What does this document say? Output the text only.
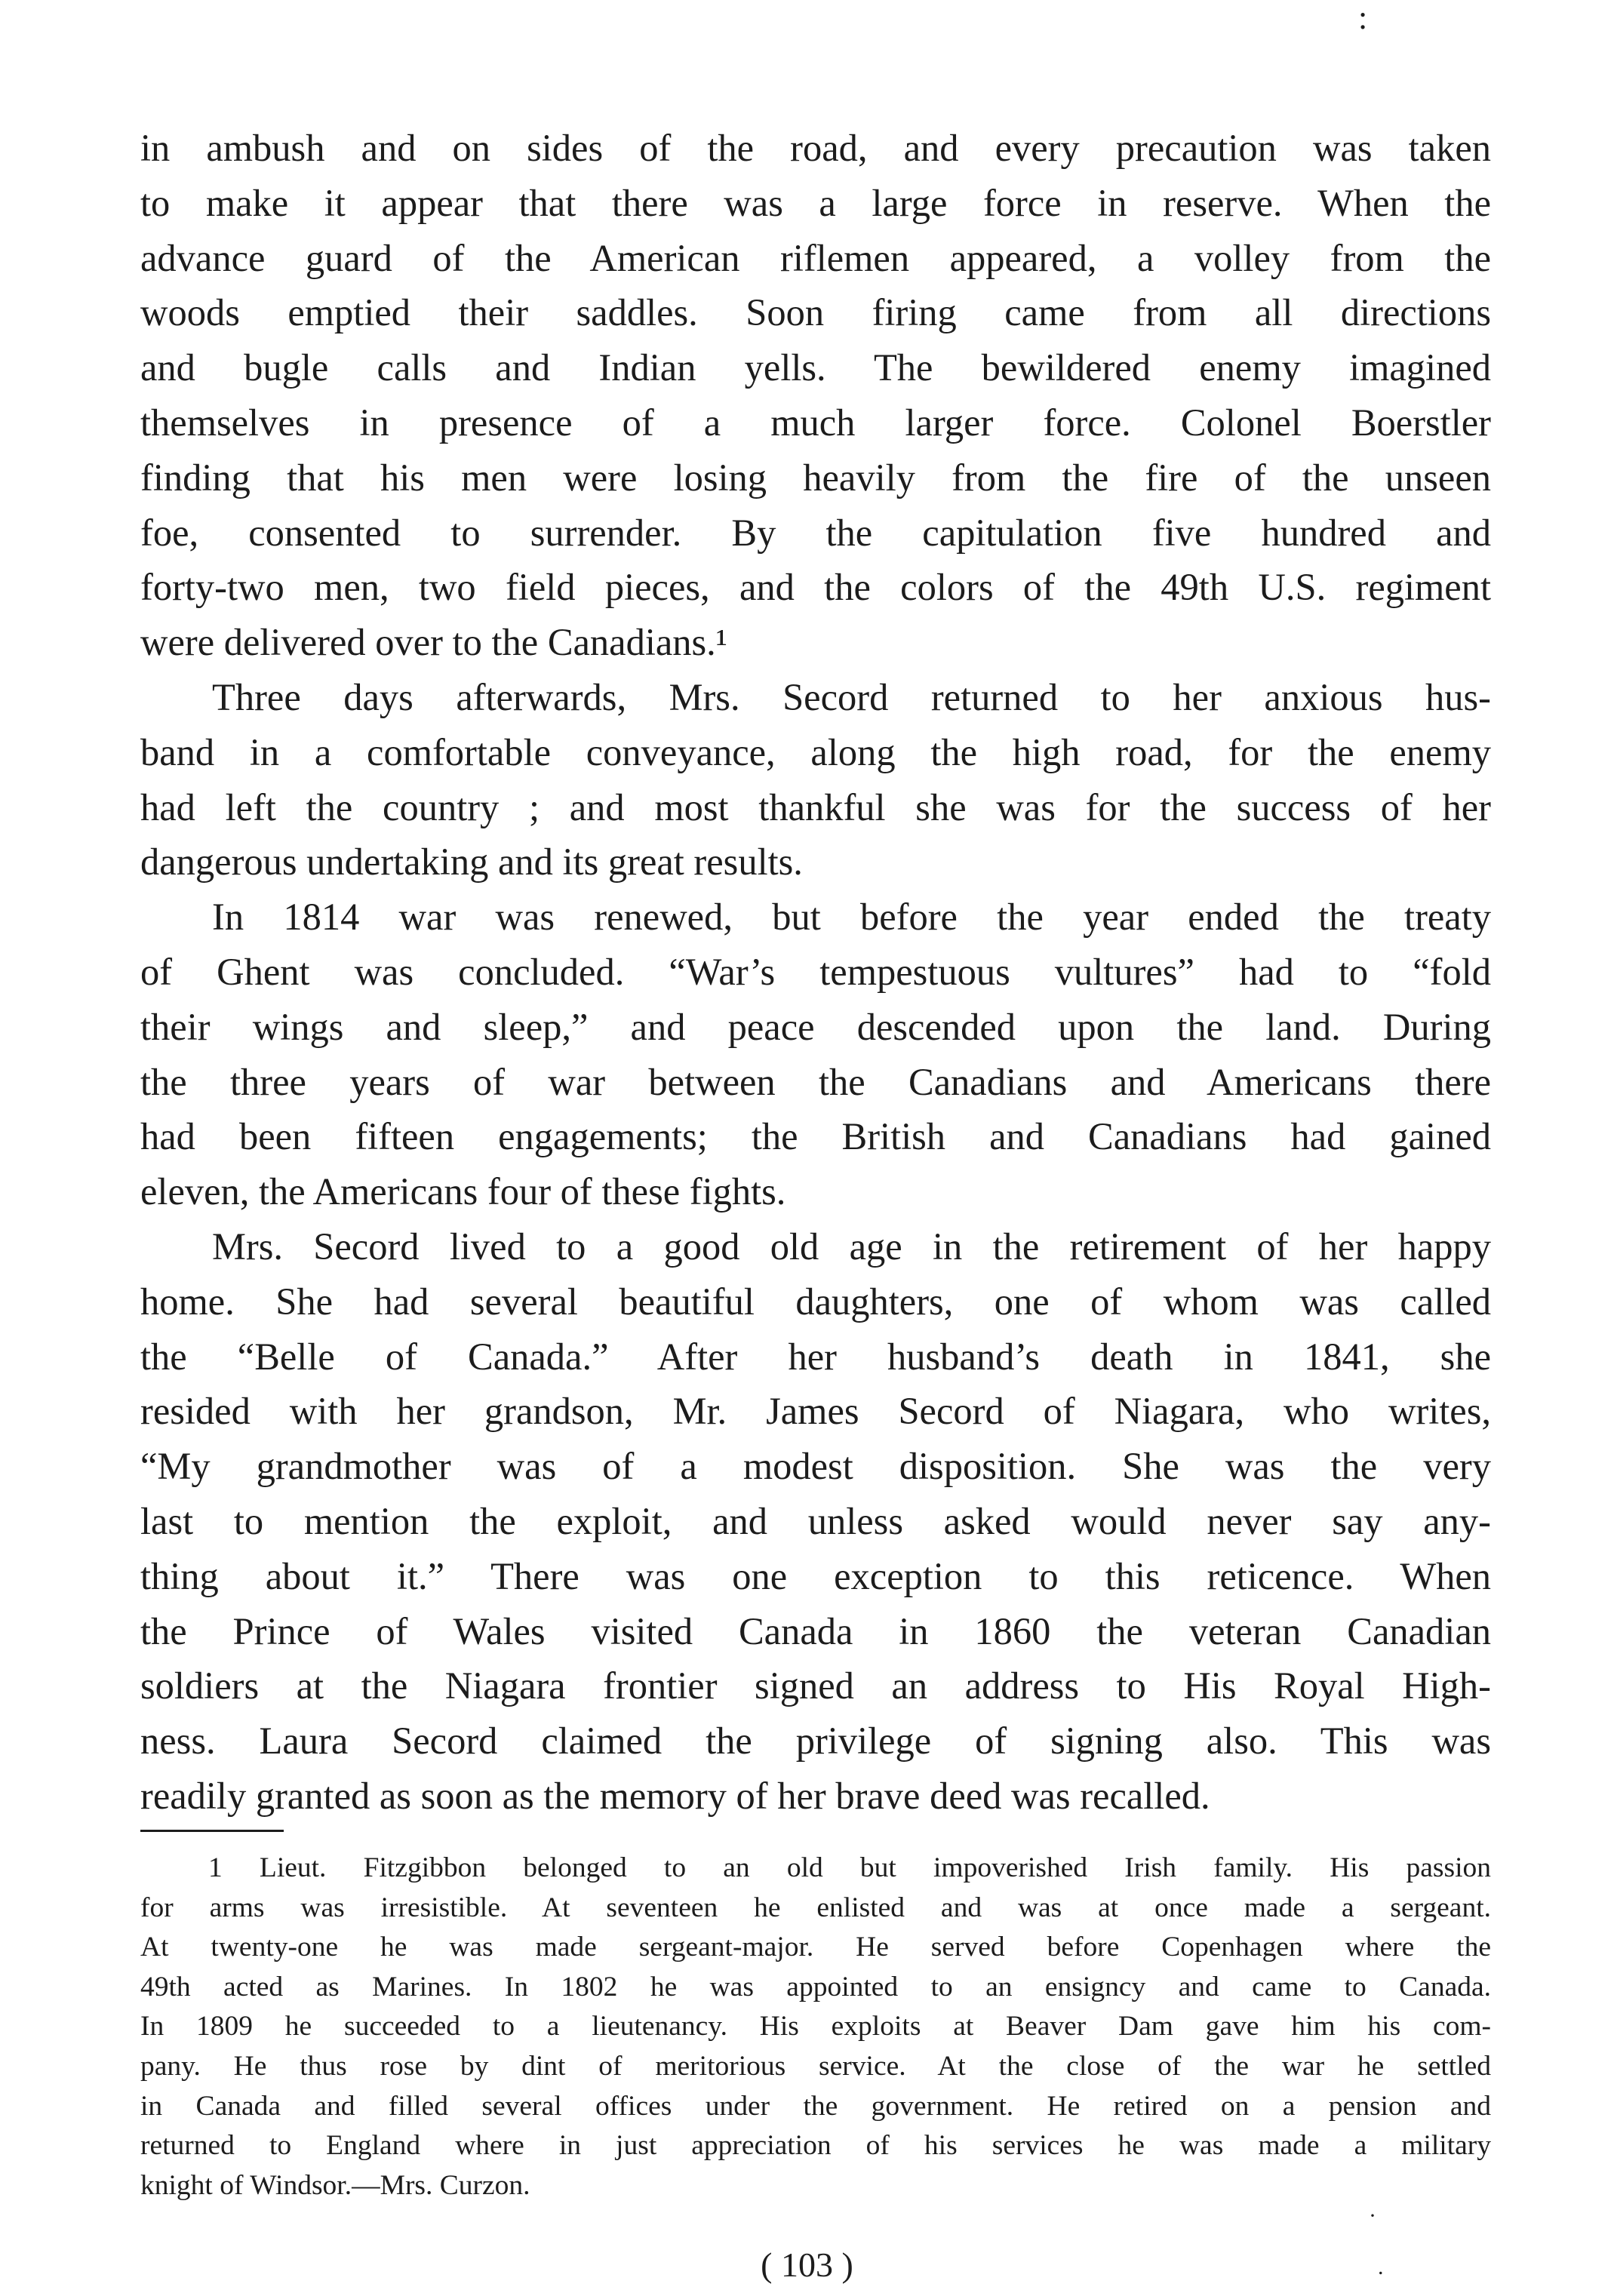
:

in ambush and on sides of the road, and every precaution was taken
to make it appear that there was a large force in reserve. When the
advance guard of the American riflemen appeared, a volley from the
woods emptied their saddles. Soon firing came from all directions
and bugle calls and Indian yells. The bewildered enemy imagined
themselves in presence of a much larger force. Colonel Boerstler
finding that his men were losing heavily from the fire of the unseen
foe, consented to surrender. By the capitulation five hundred and
forty-two men, two field pieces, and the colors of the 49th U.S. regiment
were delivered over to the Canadians.¹

Three days afterwards, Mrs. Secord returned to her anxious hus-
band in a comfortable conveyance, along the high road, for the enemy
had left the country ; and most thankful she was for the success of her
dangerous undertaking and its great results.

In 1814 war was renewed, but before the year ended the treaty
of Ghent was concluded. “War’s tempestuous vultures” had to “fold
their wings and sleep,” and peace descended upon the land. During
the three years of war between the Canadians and Americans there
had been fifteen engagements; the British and Canadians had gained
eleven, the Americans four of these fights.

Mrs. Secord lived to a good old age in the retirement of her happy
home. She had several beautiful daughters, one of whom was called
the “Belle of Canada.” After her husband’s death in 1841, she
resided with her grandson, Mr. James Secord of Niagara, who writes,
“My grandmother was of a modest disposition. She was the very
last to mention the exploit, and unless asked would never say any-
thing about it.” There was one exception to this reticence. When
the Prince of Wales visited Canada in 1860 the veteran Canadian
soldiers at the Niagara frontier signed an address to His Royal High-
ness. Laura Secord claimed the privilege of signing also. This was
readily granted as soon as the memory of her brave deed was recalled.

1 Lieut. Fitzgibbon belonged to an old but impoverished Irish family. His passion
for arms was irresistible. At seventeen he enlisted and was at once made a sergeant.
At twenty-one he was made sergeant-major. He served before Copenhagen where the
49th acted as Marines. In 1802 he was appointed to an ensigncy and came to Canada.
In 1809 he succeeded to a lieutenancy. His exploits at Beaver Dam gave him his com-
pany. He thus rose by dint of meritorious service. At the close of the war he settled
in Canada and filled several offices under the government. He retired on a pension and
returned to England where in just appreciation of his services he was made a military
knight of Windsor.—Mrs. Curzon.
·
.
( 103 )
